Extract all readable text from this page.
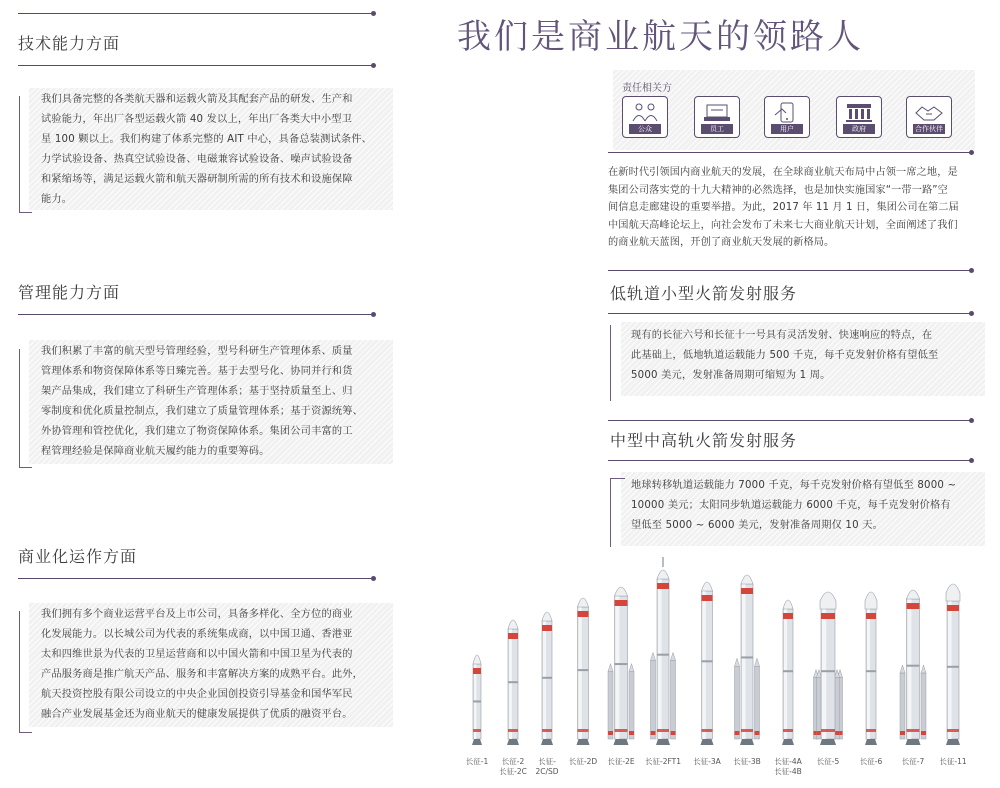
技术能力方面

我们具备完整的各类航天器和运载火箭及其配套产品的研发、生产和

试验能力，年出厂各型运载火箭 40 发以上，年出厂各类大中小型卫

星 100 颗以上。我们构建了体系完整的 AIT 中心，具备总装测试条件、

力学试验设备、热真空试验设备、电磁兼容试验设备、噪声试验设备

和紧缩场等，满足运载火箭和航天器研制所需的所有技术和设施保障

能力。

管理能力方面

我们积累了丰富的航天型号管理经验，型号科研生产管理体系、质量

管理体系和物资保障体系等日臻完善。基于去型号化、协同并行和货

架产品集成，我们建立了科研生产管理体系；基于坚持质量至上、归

零制度和优化质量控制点，我们建立了质量管理体系；基于资源统筹、

外协管理和管控优化，我们建立了物资保障体系。集团公司丰富的工

程管理经验是保障商业航天履约能力的重要筹码。

商业化运作方面

我们拥有多个商业运营平台及上市公司，具备多样化、全方位的商业

化发展能力。以长城公司为代表的系统集成商，以中国卫通、香港亚

太和四维世景为代表的卫星运营商和以中国火箭和中国卫星为代表的

产品服务商是推广航天产品、服务和丰富解决方案的成熟平台。此外，

航天投资控股有限公司设立的中央企业国创投资引导基金和国华军民

融合产业发展基金还为商业航天的健康发展提供了优质的融资平台。

我们是商业航天的领路人
责任相关方
公众	员工	用户	政府	合作伙伴
在新时代引领国内商业航天的发展，在全球商业航天布局中占领一席之地，是
集团公司落实党的十九大精神的必然选择，也是加快实施国家“一带一路”空
间信息走廊建设的重要举措。为此，2017 年 11 月 1 日，集团公司在第二届
中国航天高峰论坛上，向社会发布了未来七大商业航天计划，全面阐述了我们
的商业航天蓝图，开创了商业航天发展的新格局。
低轨道小型火箭发射服务

现有的长征六号和长征十一号具有灵活发射、快速响应的特点，在

此基础上，低地轨道运载能力 500 千克，每千克发射价格有望低至

5000 美元，发射准备周期可缩短为 1 周。

中型中高轨火箭发射服务

地球转移轨道运载能力 7000 千克，每千克发射价格有望低至 8000 ~

10000 美元；太阳同步轨道运载能力 6000 千克，每千克发射价格有

望低至 5000 ~ 6000 美元，发射准备周期仅 10 天。

长征-1	长征-2
长征-2C
长征-
2C/SD
长征-2D	长征-2E	长征-2FT1	长征-3A	长征-3B	长征-4A
长征-4B
长征-5	长征-6	长征-7	长征-11
